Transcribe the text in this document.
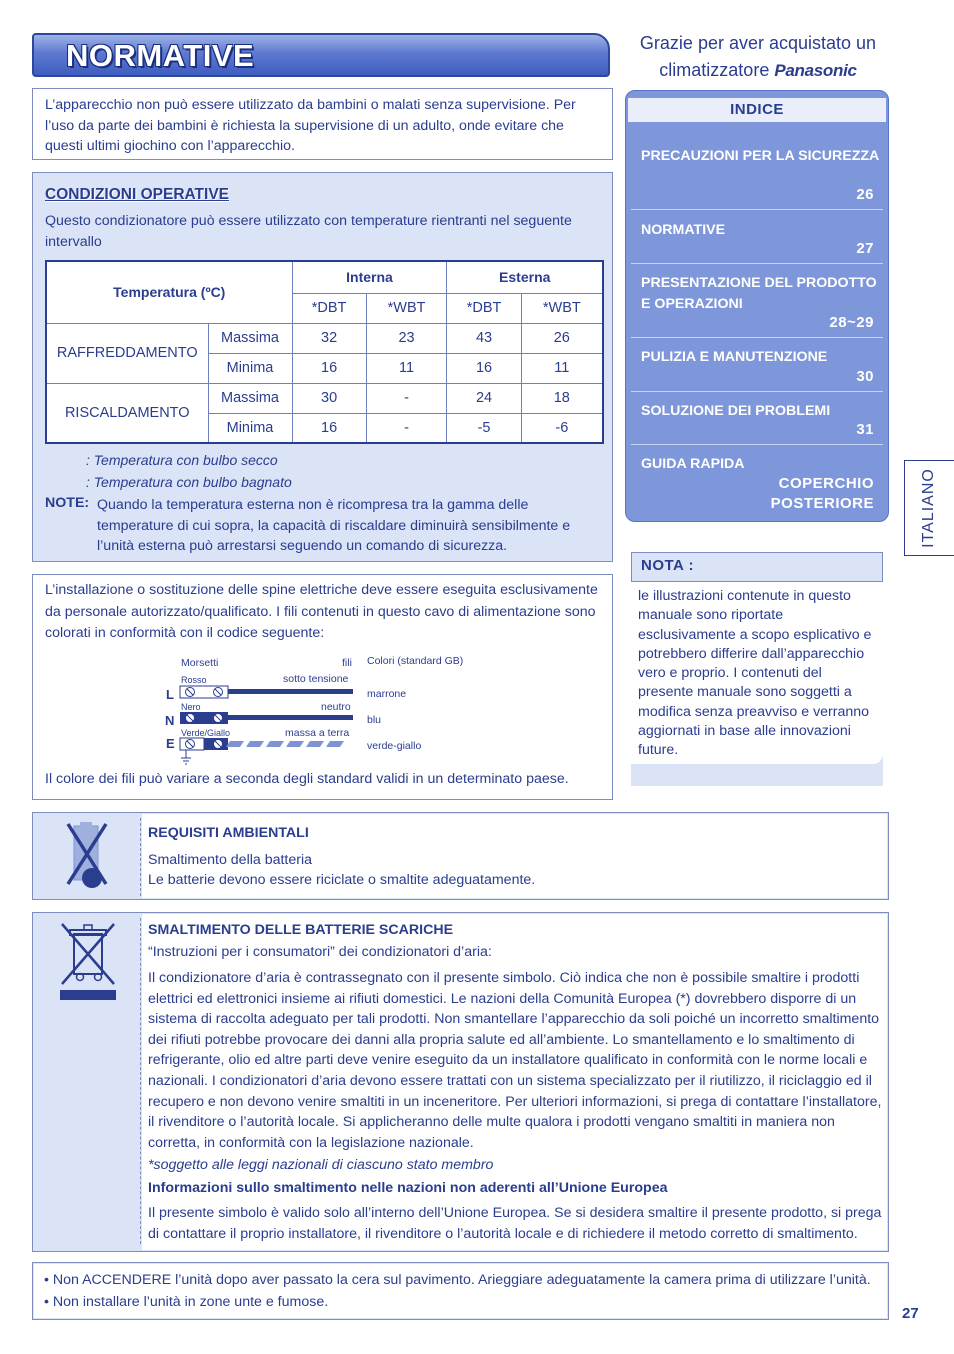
NORMATIVE	Grazie per aver acquistato un
climatizzatore Panasonic
L’apparecchio non può essere utilizzato da bambini o malati senza supervisione. Per l’uso da parte dei bambini è richiesta la supervisione di un adulto, onde evitare che questi ultimi giochino con l’apparecchio.
CONDIZIONI OPERATIVE
Questo condizionatore può essere utilizzato con temperature rientranti nel seguente intervallo
Temperatura (ºC)		Interna		Esterna	
		*DBT	*WBT	*DBT	*WBT
RAFFREDDAMENTO	Massima	32	23	43	26
	Minima	16	11	16	11
RISCALDAMENTO	Massima	30	-	24	18
	Minima	16	-	-5	-6
: Temperatura con bulbo secco
: Temperatura con bulbo bagnato
NOTE: Quando la temperatura esterna non è ricompresa tra la gamma delle temperature di cui sopra, la capacità di riscaldare diminuirà sensibilmente e l’unità esterna può arrestarsi seguendo un comando di sicurezza.
L’installazione o sostituzione delle spine elettriche deve essere eseguita esclusivamente da personale autorizzato/qualificato. I fili contenuti in questo cavo di alimentazione sono colorati in conformità con il codice seguente:
Morsetti	fili Colori (standard GB)
Rosso	sotto tensione
marrone
Nero	neutro
blu
Verde/Giallo	massa a terra
verde-giallo
L
N
E
Il colore dei fili può variare a seconda degli standard validi in un determinato paese.
INDICE
PRECAUZIONI PER LA SICUREZZA
26
NORMATIVE
27
PRESENTAZIONE DEL PRODOTTO E OPERAZIONI
28~29
PULIZIA E MANUTENZIONE
30
SOLUZIONE DEI PROBLEMI
31
GUIDA RAPIDA
COPERCHIO
POSTERIORE	ITALIANO
NOTA :
le illustrazioni contenute in questo manuale sono riportate esclusivamente a scopo esplicativo e potrebbero differire dall’apparecchio vero e proprio. I contenuti del presente manuale sono soggetti a modifica senza preavviso e verranno aggiornati in base alle innovazioni future.
REQUISITI AMBIENTALI
Smaltimento della batteria
Le batterie devono essere riciclate o smaltite adeguatamente.
SMALTIMENTO DELLE BATTERIE SCARICHE
“Instruzioni per i consumatori” dei condizionatori d’aria:
Il condizionatore d’aria è contrassegnato con il presente simbolo. Ciò indica che non è possibile smaltire i prodotti elettrici ed elettronici insieme ai rifiuti domestici. Le nazioni della Comunità Europea (*) dovrebbero disporre di un sistema di raccolta adeguato per tali prodotti. Non smantellare l’apparecchio da soli poiché un incorretto smaltimento dei rifiuti potrebbe provocare dei danni alla propria salute ed all’ambiente. Lo smantellamento e lo smaltimento di refrigerante, olio ed altre parti deve venire eseguito da un installatore qualificato in conformità con le norme locali e nazionali. I condizionatori d’aria devono essere trattati con un sistema specializzato per il riutilizzo, il riciclaggio ed il recupero e non devono venire smaltiti in un inceneritore. Per ulteriori informazioni, si prega di contattare l’installatore, il rivenditore o l’autorità locale. Si applicheranno delle multe qualora i prodotti vengano smaltiti in maniera non corretta, in conformità con la legislazione nazionale.
*soggetto alle leggi nazionali di ciascuno stato membro
Informazioni sullo smaltimento nelle nazioni non aderenti all’Unione Europea
Il presente simbolo è valido solo all’interno dell’Unione Europea. Se si desidera smaltire il presente prodotto, si prega di contattare il proprio installatore, il rivenditore o l’autorità locale e di richiedere il metodo corretto di smaltimento.
• Non ACCENDERE l’unità dopo aver passato la cera sul pavimento. Arieggiare adeguatamente la camera prima di utilizzare l’unità.
• Non installare l’unità in zone unte e fumose.
27
